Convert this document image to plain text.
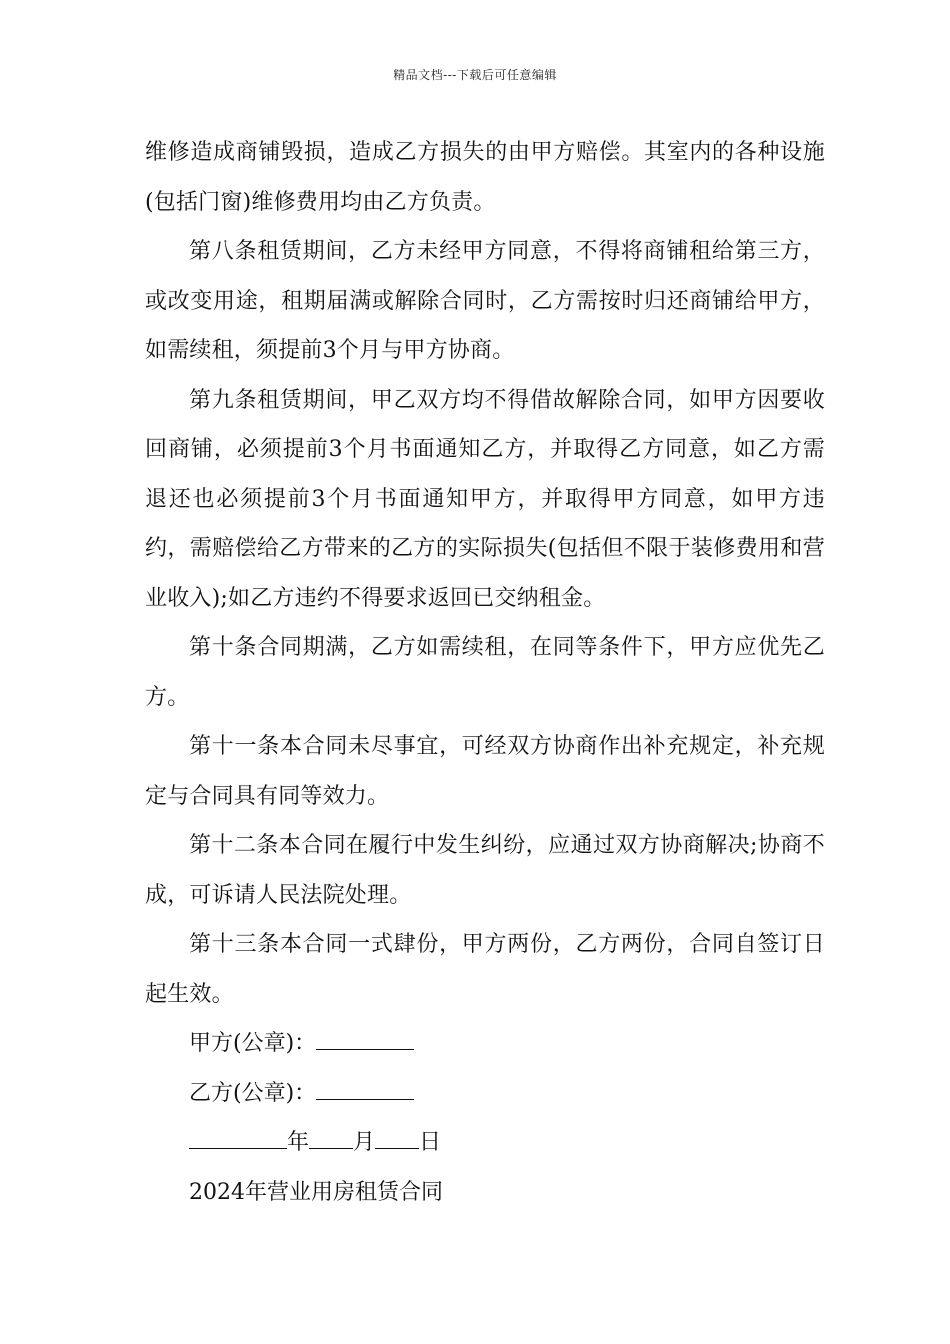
精品文档---下载后可任意编辑

维修造成商铺毁损，造成乙方损失的由甲方赔偿。其室内的各种设施(包括门窗)维修费用均由乙方负责。

第八条租赁期间，乙方未经甲方同意，不得将商铺租给第三方，或改变用途，租期届满或解除合同时，乙方需按时归还商铺给甲方，如需续租，须提前3个月与甲方协商。

第九条租赁期间，甲乙双方均不得借故解除合同，如甲方因要收回商铺，必须提前3个月书面通知乙方，并取得乙方同意，如乙方需退还也必须提前3个月书面通知甲方，并取得甲方同意，如甲方违约，需赔偿给乙方带来的乙方的实际损失(包括但不限于装修费用和营业收入);如乙方违约不得要求返回已交纳租金。

第十条合同期满，乙方如需续租，在同等条件下，甲方应优先乙方。

第十一条本合同未尽事宜，可经双方协商作出补充规定，补充规定与合同具有同等效力。

第十二条本合同在履行中发生纠纷，应通过双方协商解决;协商不成，可诉请人民法院处理。

第十三条本合同一式肆份，甲方两份，乙方两份，合同自签订日起生效。

甲方(公章)：

乙方(公章)：

年 月 日

2024年营业用房租赁合同
